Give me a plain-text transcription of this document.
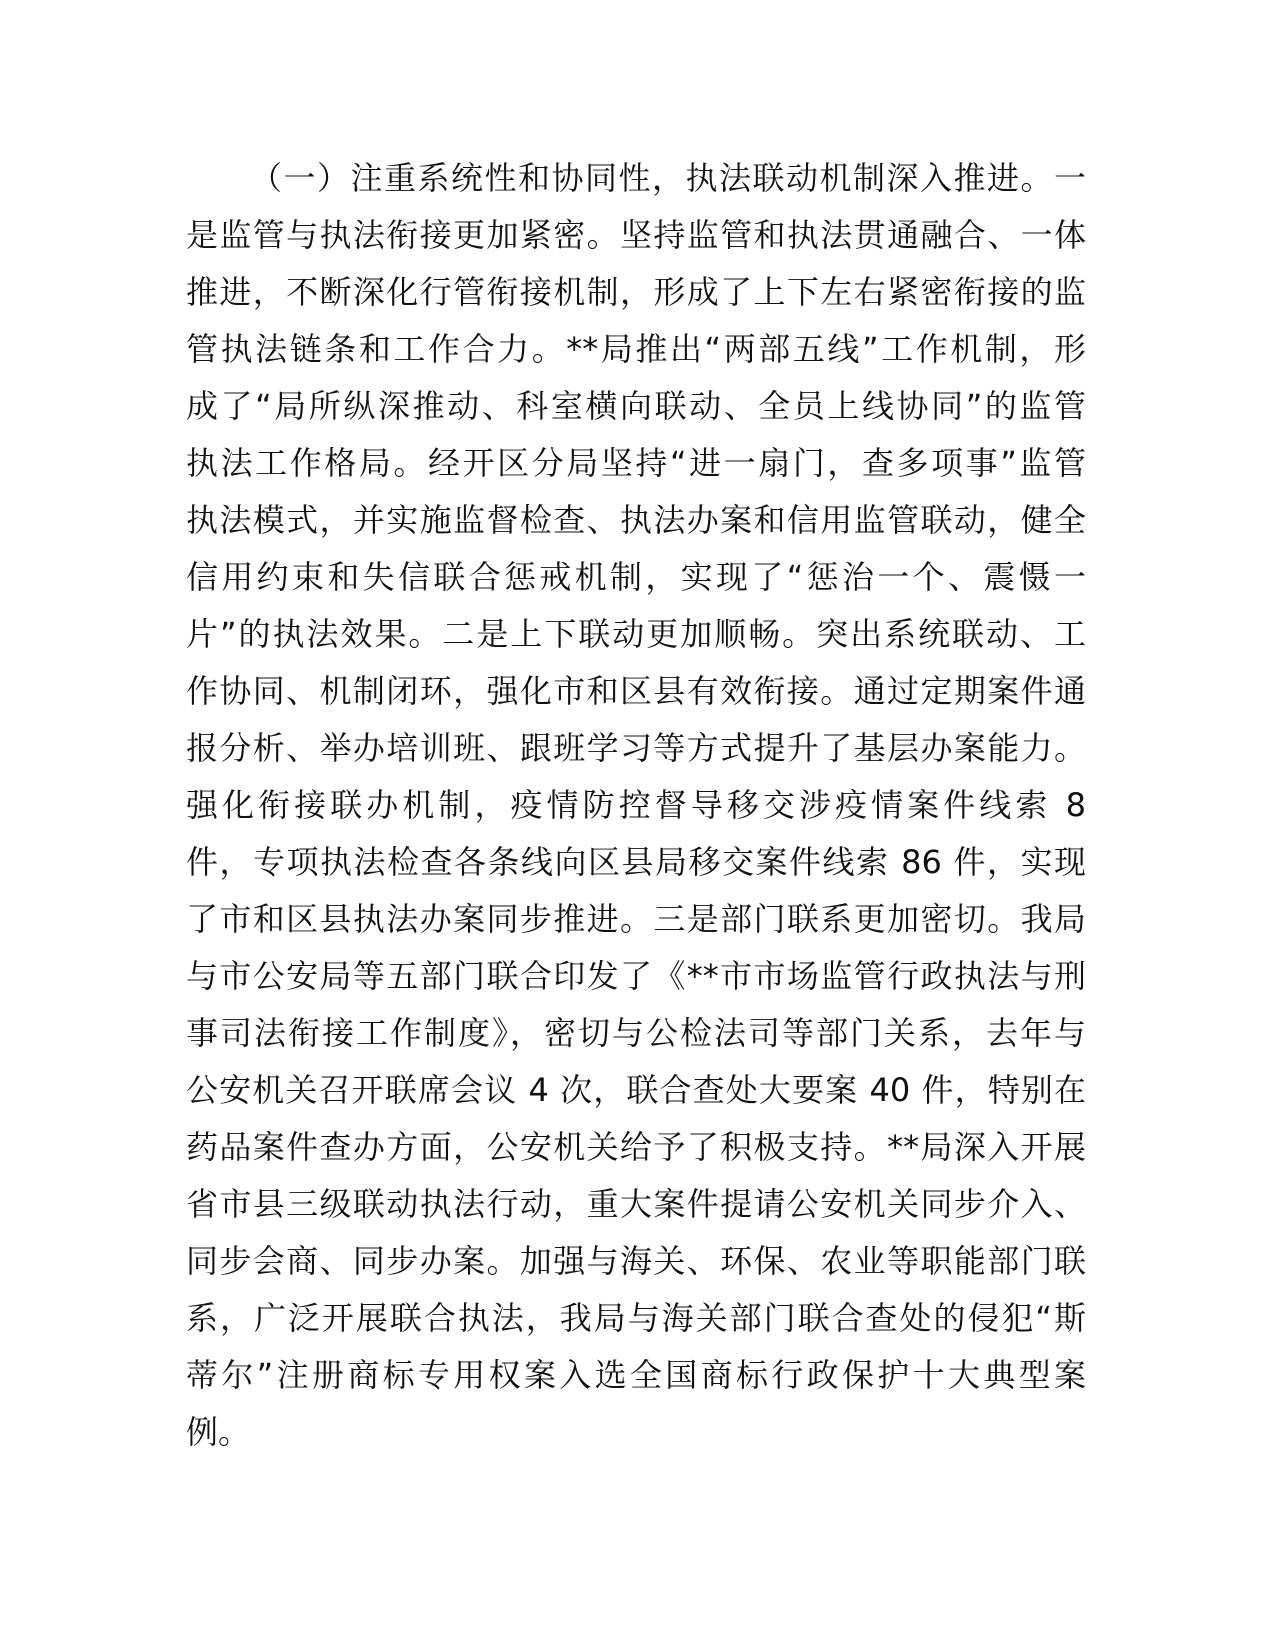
（一）注重系统性和协同性，执法联动机制深入推进。一
是监管与执法衔接更加紧密。坚持监管和执法贯通融合、一体
推进，不断深化行管衔接机制，形成了上下左右紧密衔接的监
管执法链条和工作合力。**局推出“两部五线”工作机制，形
成了“局所纵深推动、科室横向联动、全员上线协同”的监管
执法工作格局。经开区分局坚持“进一扇门，查多项事”监管
执法模式，并实施监督检查、执法办案和信用监管联动，健全
信用约束和失信联合惩戒机制，实现了“惩治一个、震慑一
片”的执法效果。二是上下联动更加顺畅。突出系统联动、工
作协同、机制闭环，强化市和区县有效衔接。通过定期案件通
报分析、举办培训班、跟班学习等方式提升了基层办案能力。
强化衔接联办机制，疫情防控督导移交涉疫情案件线索 8
件，专项执法检查各条线向区县局移交案件线索 86 件，实现
了市和区县执法办案同步推进。三是部门联系更加密切。我局
与市公安局等五部门联合印发了《**市市场监管行政执法与刑
事司法衔接工作制度》，密切与公检法司等部门关系，去年与
公安机关召开联席会议 4 次，联合查处大要案 40 件，特别在
药品案件查办方面，公安机关给予了积极支持。**局深入开展
省市县三级联动执法行动，重大案件提请公安机关同步介入、
同步会商、同步办案。加强与海关、环保、农业等职能部门联
系，广泛开展联合执法，我局与海关部门联合查处的侵犯“斯
蒂尔”注册商标专用权案入选全国商标行政保护十大典型案
例。
